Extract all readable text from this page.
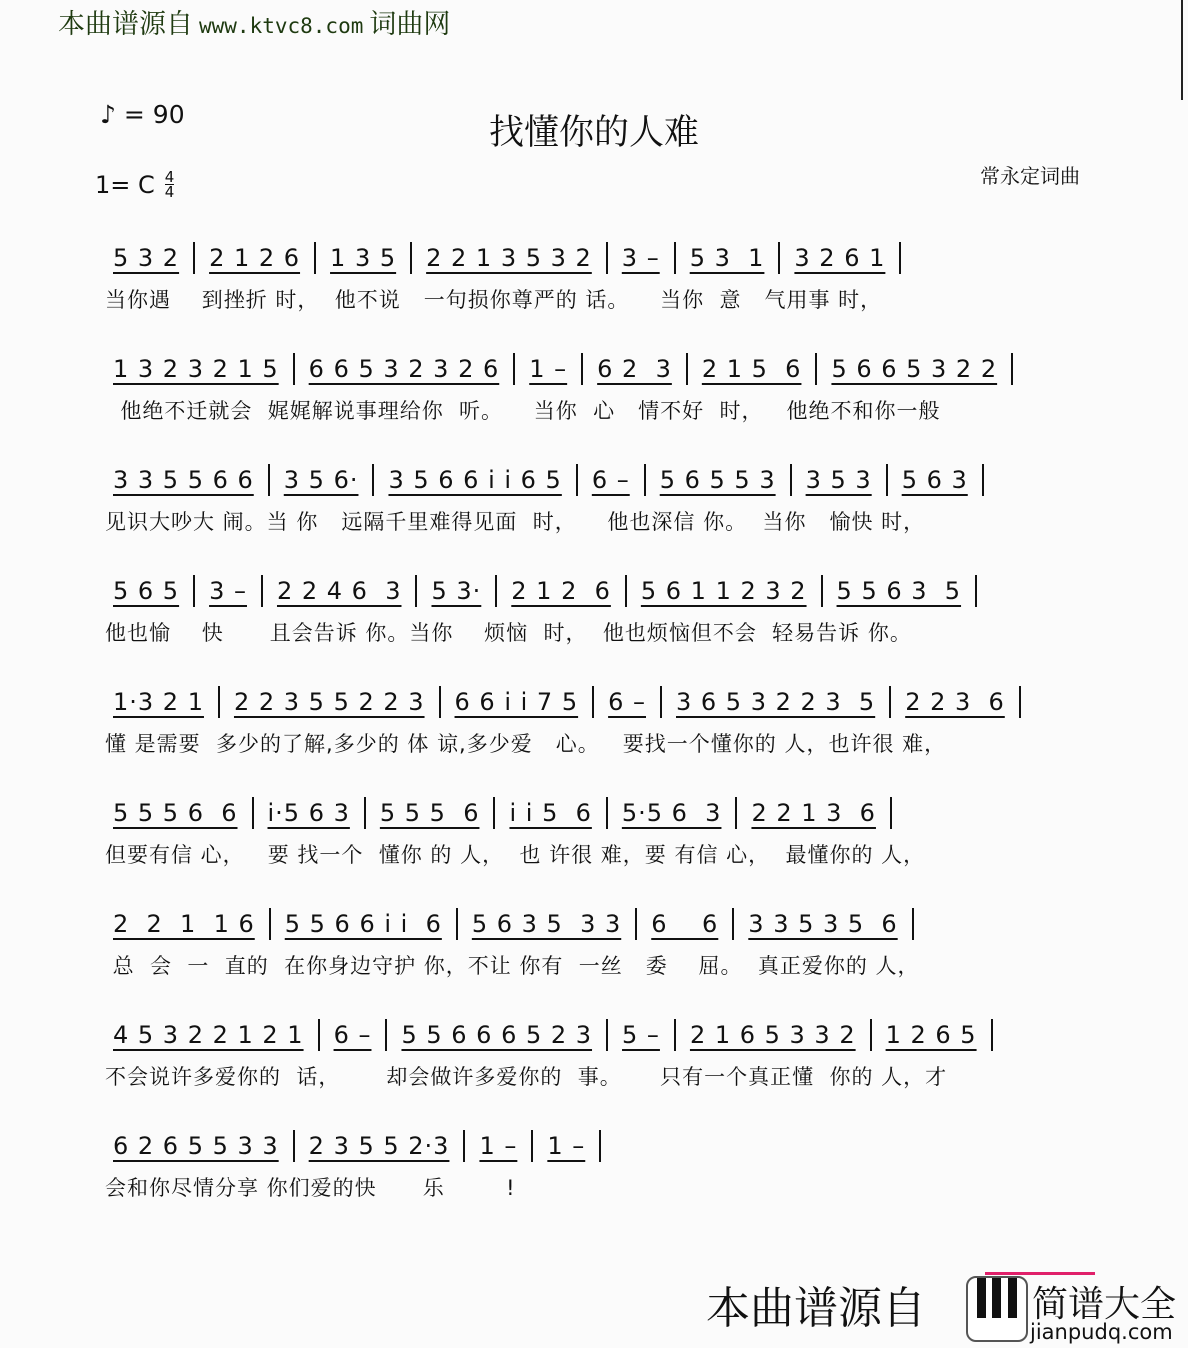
本曲谱源自 www.ktvc8.com 词曲网
♪ = 90
1= C $\frac{4}{4}$
找懂你的人难
常永定词曲
5 3 2	2 1 2 6	1 3 5	2 2 1 3 5 3 2	3 –	5 3  1	3 2 6 1
当你遇    到挫折 时，  他不说   一句损你尊严的 话。    当你  意   气用事 时，
1 3 2 3 2 1 5	6 6 5 3 2 3 2 6	1 –	6 2  3	2 1 5  6	5 6 6 5 3 2 2
他绝不迁就会  娓娓解说事理给你  听。    当你  心   情不好  时，   他绝不和你一般
3 3 5 5 6 6	3 5 6·	3 5 6 6 i i 6 5	6 –	5 6 5 5 3	3 5 3	5 6 3
见识大吵大 闹。当 你   远隔千里难得见面  时，    他也深信 你。  当你   愉快 时，
5 6 5	3 –	2 2 4 6  3	5 3·	2 1 2  6	5 6 1 1 2 3 2	5 5 6 3  5
他也愉    快      且会告诉 你。当你    烦恼  时，  他也烦恼但不会  轻易告诉 你。
1·3 2 1	2 2 3 5 5 2 2 3	6 6 i i 7 5	6 –	3 6 5 3 2 2 3  5	2 2 3  6
懂 是需要  多少的了解,多少的 体 谅,多少爱   心。   要找一个懂你的 人，也许很 难，
5 5 5 6  6	i·5 6 3	5 5 5  6	i i 5  6	5·5 6  3	2 2 1 3  6
但要有信 心，   要 找一个  懂你 的 人，  也 许很 难，要 有信 心，  最懂你的 人，
2  2  1  1 6	5 5 6 6 i i  6	5 6 3 5  3 3	6    6	3 3 5 3 5  6
总  会  一  直的  在你身边守护 你，不让 你有  一丝   委    屈。  真正爱你的 人，
4 5 3 2 2 1 2 1	6 –	5 5 6 6 6 5 2 3	5 –	2 1 6 5 3 3 2	1 2 6 5
不会说许多爱你的  话，      却会做许多爱你的  事。     只有一个真正懂  你的 人，才
6 2 6 5 5 3 3	2 3 5 5 2·3	1 –	1 –
会和你尽情分享 你们爱的快      乐        !
本曲谱源自	简谱大全
jianpudq.com
